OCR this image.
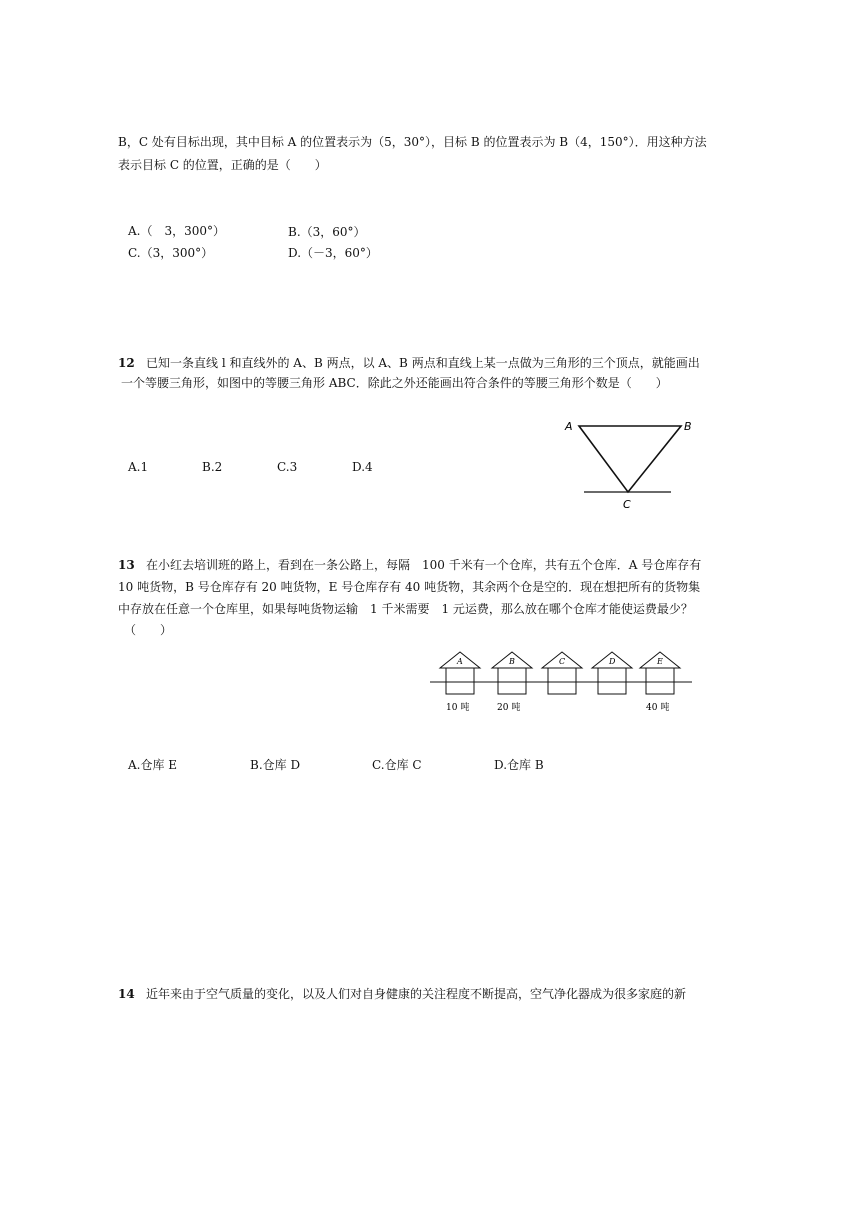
B，C 处有目标出现，其中目标 A 的位置表示为（5，30°），目标 B 的位置表示为 B（4，150°）．用这种方法
表示目标 C 的位置，正确的是（　　）
A.（　3，300°）	B.（3，60°）
C.（3，300°）	D.（－3，60°）
12 已知一条直线 l 和直线外的 A、B 两点，以 A、B 两点和直线上某一点做为三角形的三个顶点，就能画出
一个等腰三角形，如图中的等腰三角形 ABC．除此之外还能画出符合条件的等腰三角形个数是（　　）
A.1	B.2	C.3	D.4
A	B
C
13 在小红去培训班的路上，看到在一条公路上，每隔　100 千米有一个仓库，共有五个仓库．A 号仓库存有
10 吨货物，B 号仓库存有 20 吨货物，E 号仓库存有 40 吨货物，其余两个仓是空的．现在想把所有的货物集
中存放在任意一个仓库里，如果每吨货物运输　1 千米需要　1 元运费，那么放在哪个仓库才能使运费最少？
（　　）
A	B	C	D	E
10 吨	20 吨	40 吨
A.仓库 E	B.仓库 D	C.仓库 C	D.仓库 B
14 近年来由于空气质量的变化，以及人们对自身健康的关注程度不断提高，空气净化器成为很多家庭的新
